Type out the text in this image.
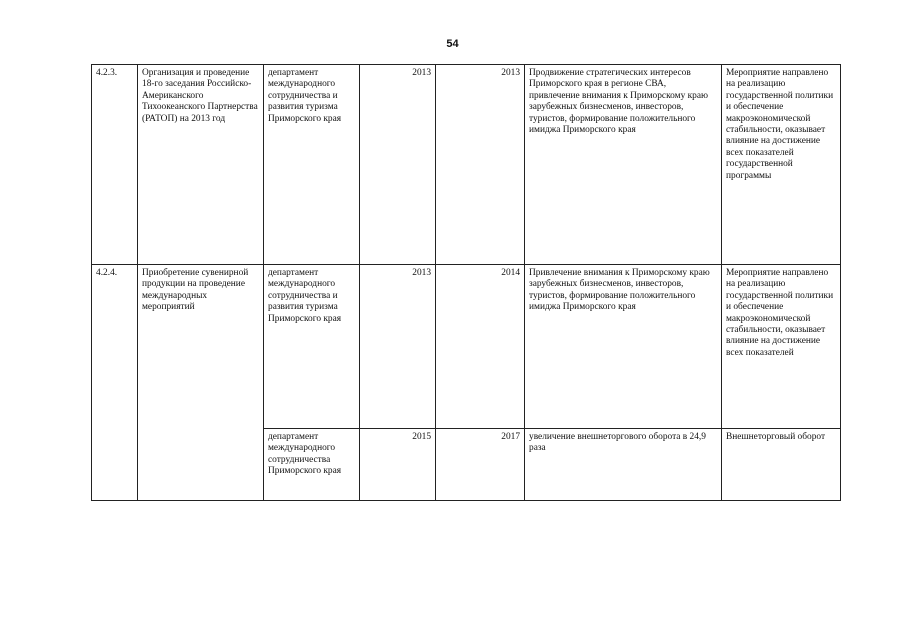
54
4.2.3.	Организация и проведение 18-го заседания Российско-Американского Тихоокеанского Партнерства (РАТОП) на 2013 год	департамент международного сотрудничества и развития туризма Приморского края	2013	2013	Продвижение стратегических интересов Приморского края в регионе СВА, привлечение внимания к Приморскому краю зарубежных бизнесменов, инвесторов, туристов, формирование положительного имиджа Приморского края	Мероприятие направлено на реализацию государственной политики и обеспечение макроэкономической стабильности, оказывает влияние на достижение всех показателей государственной программы
4.2.4.	Приобретение сувенирной продукции на проведение международных мероприятий	департамент международного сотрудничества и развития туризма Приморского края	2013	2014	Привлечение внимания к Приморскому краю зарубежных бизнесменов, инвесторов, туристов, формирование положительного имиджа Приморского края	Мероприятие направлено на реализацию государственной политики и обеспечение макроэкономической стабильности, оказывает влияние на достижение всех показателей
		департамент международного сотрудничества Приморского края	2015	2017	увеличение внешнеторгового оборота в 24,9 раза	Внешнеторговый оборот
